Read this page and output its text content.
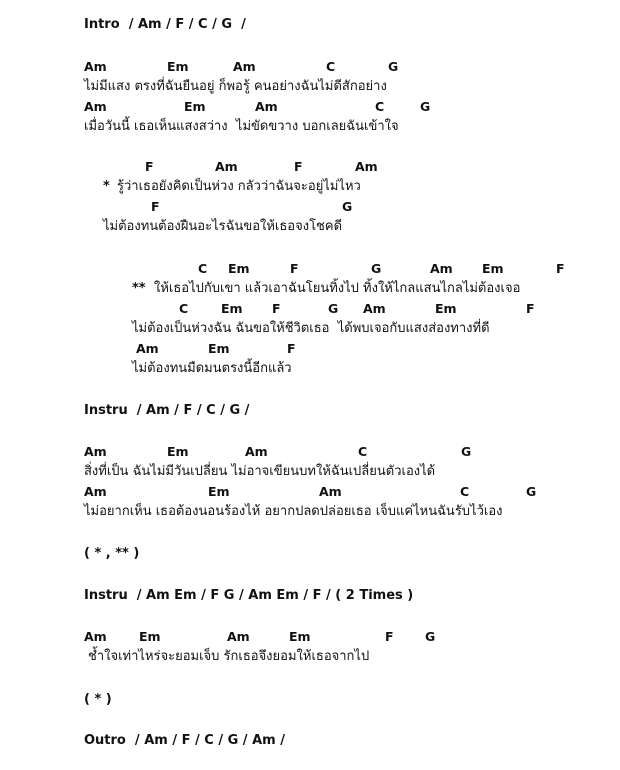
Intro  / Am / F / C / G  /
Am	Em	Am	C	G
ไม่มีแสง ตรงที่ฉันยืนอยู่ ก็พอรู้ คนอย่างฉันไม่ดีสักอย่าง
Am	Em	Am	C	G
เมื่อวันนี้ เธอเห็นแสงสว่าง  ไม่ขัดขวาง บอกเลยฉันเข้าใจ
F	Am	F	Am
* รู้ว่าเธอยังคิดเป็นห่วง กลัวว่าฉันจะอยู่ไม่ไหว
F	G
ไม่ต้องทนต้องฝืนอะไรฉันขอให้เธอจงโชคดี
C Em	F	G	Am Em	F
** ให้เธอไปกับเขา แล้วเอาฉันโยนทิ้งไป ทิ้งให้ไกลแสนไกลไม่ต้องเจอ
C	Em F	G Am	Em	F
ไม่ต้องเป็นห่วงฉัน ฉันขอให้ชีวิตเธอ  ได้พบเจอกับแสงส่องทางที่ดี
Am	Em	F
ไม่ต้องทนมืดมนตรงนี้อีกแล้ว
Instru  / Am / F / C / G /
Am	Em	Am	C	G
สิ่งที่เป็น ฉันไม่มีวันเปลี่ยน ไม่อาจเขียนบทให้ฉันเปลี่ยนตัวเองได้
Am	Em	Am	C	G
ไม่อยากเห็น เธอต้องนอนร้องไห้ อยากปลดปล่อยเธอ เจ็บแค่ไหนฉันรับไว้เอง
( * , ** )
Instru  / Am Em / F G / Am Em / F / ( 2 Times )
Am	Em	Am	Em	F	G
ช้ำใจเท่าไหร่จะยอมเจ็บ รักเธอจึงยอมให้เธอจากไป
( * )
Outro  / Am / F / C / G / Am /
